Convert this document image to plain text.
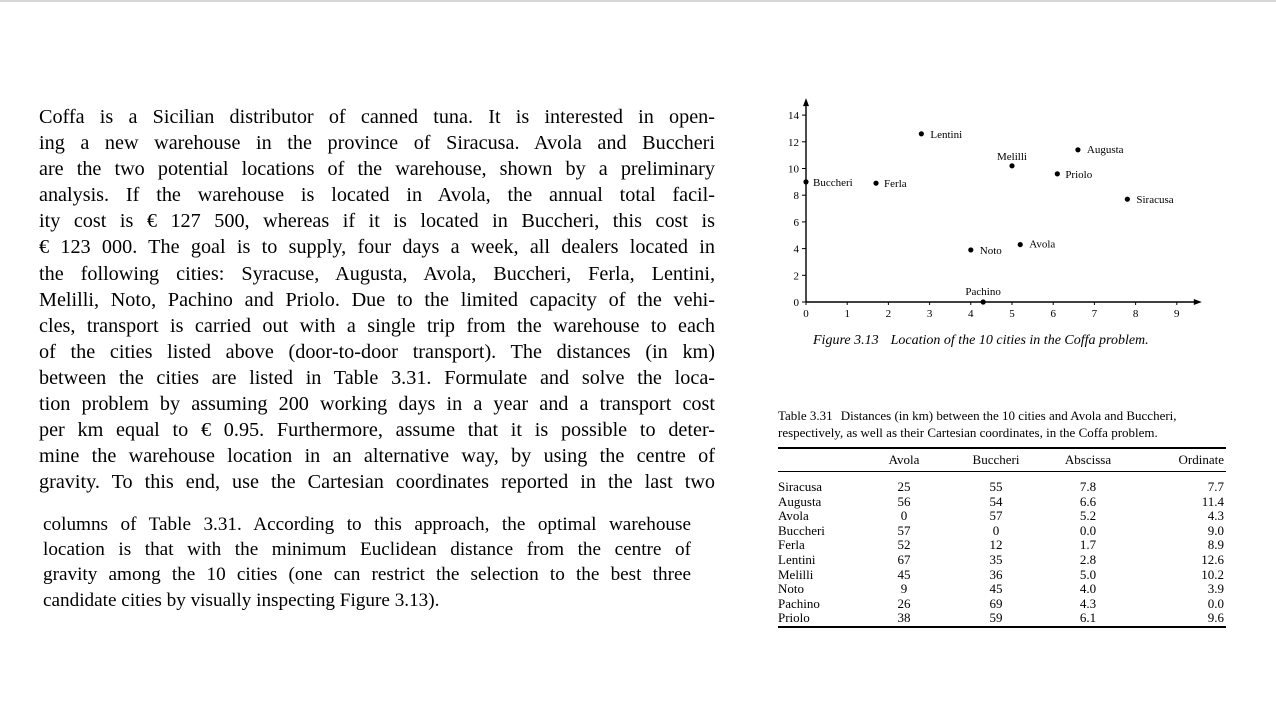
Coffa is a Sicilian distributor of canned tuna. It is interested in open-
ing a new warehouse in the province of Siracusa. Avola and Buccheri
are the two potential locations of the warehouse, shown by a preliminary
analysis. If the warehouse is located in Avola, the annual total facil-
ity cost is € 127 500, whereas if it is located in Buccheri, this cost is
€ 123 000. The goal is to supply, four days a week, all dealers located in
the following cities: Syracuse, Augusta, Avola, Buccheri, Ferla, Lentini,
Melilli, Noto, Pachino and Priolo. Due to the limited capacity of the vehi-
cles, transport is carried out with a single trip from the warehouse to each
of the cities listed above (door-to-door transport). The distances (in km)
between the cities are listed in Table 3.31. Formulate and solve the loca-
tion problem by assuming 200 working days in a year and a transport cost
per km equal to € 0.95. Furthermore, assume that it is possible to deter-
mine the warehouse location in an alternative way, by using the centre of
gravity. To this end, use the Cartesian coordinates reported in the last two

columns of Table 3.31. According to this approach, the optimal warehouse
location is that with the minimum Euclidean distance from the centre of
gravity among the 10 cities (one can restrict the selection to the best three
candidate cities by visually inspecting Figure 3.13).

0	1	2	3	4	5	6	7	8	9
0
2
4
6
8
10
12
14
Siracusa
Augusta
Avola
Buccheri	Ferla
Lentini
Melilli
Noto
Pachino
Priolo
Figure 3.13 Location of the 10 cities in the Coffa problem.
Table 3.31 Distances (in km) between the 10 cities and Avola and Buccheri,
respectively, as well as their Cartesian coordinates, in the Coffa problem.
	Avola	Buccheri	Abscissa	Ordinate
Siracusa	25	55	7.8	7.7
Augusta	56	54	6.6	11.4
Avola	0	57	5.2	4.3
Buccheri	57	0	0.0	9.0
Ferla	52	12	1.7	8.9
Lentini	67	35	2.8	12.6
Melilli	45	36	5.0	10.2
Noto	9	45	4.0	3.9
Pachino	26	69	4.3	0.0
Priolo	38	59	6.1	9.6
